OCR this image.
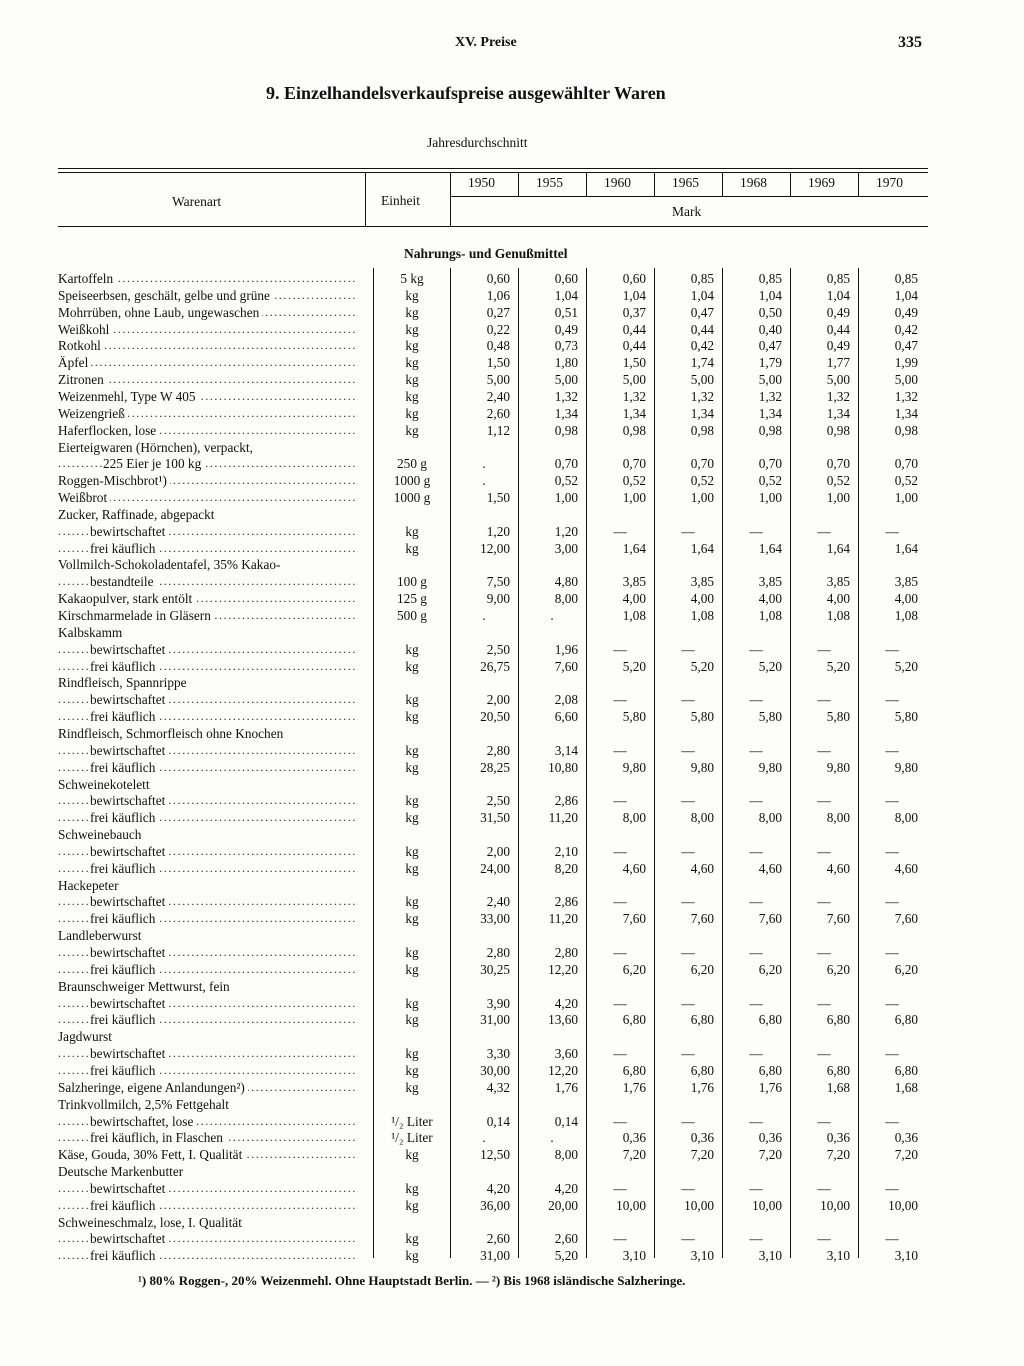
XV. Preise	335
9. Einzelhandelsverkaufspreise ausgewählter Waren
Jahresdurchschnitt
Warenart	Einheit
Mark
1950	1955	1960	1965	1968	1969	1970
Nahrungs- und Genußmittel
.....
Kartoffeln	5 kg	0,60	0,60	0,60	0,85	0,85	0,85	0,85
.....
Speiseerbsen, geschält, gelbe und grüne	kg	1,06	1,04	1,04	1,04	1,04	1,04	1,04
.....
Mohrrüben, ohne Laub, ungewaschen	kg	0,27	0,51	0,37	0,47	0,50	0,49	0,49
.....
Weißkohl	kg	0,22	0,49	0,44	0,44	0,40	0,44	0,42
.....
Rotkohl	kg	0,48	0,73	0,44	0,42	0,47	0,49	0,47
.....
Äpfel	kg	1,50	1,80	1,50	1,74	1,79	1,77	1,99
.....
Zitronen	kg	5,00	5,00	5,00	5,00	5,00	5,00	5,00
.....
Weizenmehl, Type W 405	kg	2,40	1,32	1,32	1,32	1,32	1,32	1,32
.....
Weizengrieß	kg	2,60	1,34	1,34	1,34	1,34	1,34	1,34
.....
Haferflocken, lose	kg	1,12	0,98	0,98	0,98	0,98	0,98	0,98
Eierteigwaren (Hörnchen), verpackt,
.....
225 Eier je 100 kg	250 g	.	0,70	0,70	0,70	0,70	0,70	0,70
.....
Roggen-Mischbrot¹)	1000 g	.	0,52	0,52	0,52	0,52	0,52	0,52
.....
Weißbrot	1000 g	1,50	1,00	1,00	1,00	1,00	1,00	1,00
Zucker, Raffinade, abgepackt
.....
bewirtschaftet	kg	1,20	1,20	—	—	—	—	—
.....
frei käuflich	kg	12,00	3,00	1,64	1,64	1,64	1,64	1,64
Vollmilch-Schokoladentafel, 35% Kakao-
.....
bestandteile	100 g	7,50	4,80	3,85	3,85	3,85	3,85	3,85
.....
Kakaopulver, stark entölt	125 g	9,00	8,00	4,00	4,00	4,00	4,00	4,00
.....
Kirschmarmelade in Gläsern	500 g	.	.	1,08	1,08	1,08	1,08	1,08
Kalbskamm
.....
bewirtschaftet	kg	2,50	1,96	—	—	—	—	—
.....
frei käuflich	kg	26,75	7,60	5,20	5,20	5,20	5,20	5,20
Rindfleisch, Spannrippe
.....
bewirtschaftet	kg	2,00	2,08	—	—	—	—	—
.....
frei käuflich	kg	20,50	6,60	5,80	5,80	5,80	5,80	5,80
Rindfleisch, Schmorfleisch ohne Knochen
.....
bewirtschaftet	kg	2,80	3,14	—	—	—	—	—
.....
frei käuflich	kg	28,25	10,80	9,80	9,80	9,80	9,80	9,80
Schweinekotelett
.....
bewirtschaftet	kg	2,50	2,86	—	—	—	—	—
.....
frei käuflich	kg	31,50	11,20	8,00	8,00	8,00	8,00	8,00
Schweinebauch
.....
bewirtschaftet	kg	2,00	2,10	—	—	—	—	—
.....
frei käuflich	kg	24,00	8,20	4,60	4,60	4,60	4,60	4,60
Hackepeter
.....
bewirtschaftet	kg	2,40	2,86	—	—	—	—	—
.....
frei käuflich	kg	33,00	11,20	7,60	7,60	7,60	7,60	7,60
Landleberwurst
.....
bewirtschaftet	kg	2,80	2,80	—	—	—	—	—
.....
frei käuflich	kg	30,25	12,20	6,20	6,20	6,20	6,20	6,20
Braunschweiger Mettwurst, fein
.....
bewirtschaftet	kg	3,90	4,20	—	—	—	—	—
.....
frei käuflich	kg	31,00	13,60	6,80	6,80	6,80	6,80	6,80
Jagdwurst
.....
bewirtschaftet	kg	3,30	3,60	—	—	—	—	—
.....
frei käuflich	kg	30,00	12,20	6,80	6,80	6,80	6,80	6,80
.....
Salzheringe, eigene Anlandungen²)	kg	4,32	1,76	1,76	1,76	1,76	1,68	1,68
Trinkvollmilch, 2,5% Fettgehalt
.....
bewirtschaftet, lose	¹/₂ Liter	0,14	0,14	—	—	—	—	—
.....
frei käuflich, in Flaschen	¹/₂ Liter	.	.	0,36	0,36	0,36	0,36	0,36
.....
Käse, Gouda, 30% Fett, I. Qualität	kg	12,50	8,00	7,20	7,20	7,20	7,20	7,20
Deutsche Markenbutter
.....
bewirtschaftet	kg	4,20	4,20	—	—	—	—	—
.....
frei käuflich	kg	36,00	20,00	10,00	10,00	10,00	10,00	10,00
Schweineschmalz, lose, I. Qualität
.....
bewirtschaftet	kg	2,60	2,60	—	—	—	—	—
.....
frei käuflich	kg	31,00	5,20	3,10	3,10	3,10	3,10	3,10
¹) 80% Roggen-, 20% Weizenmehl. Ohne Hauptstadt Berlin. — ²) Bis 1968 isländische Salzheringe.
